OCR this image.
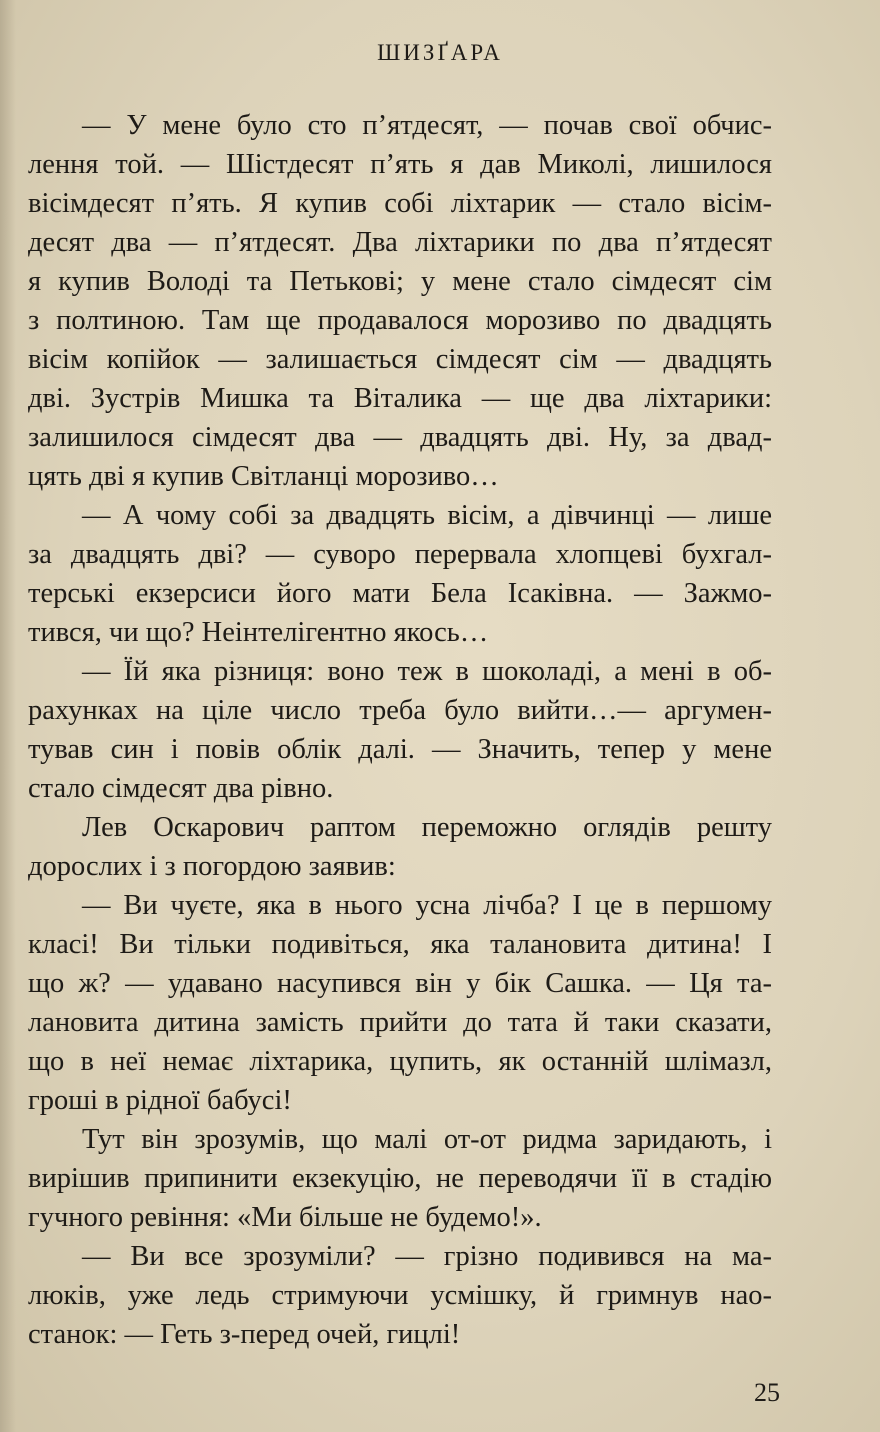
ШИЗҐАРА
— У мене було сто п’ятдесят, — почав свої обчис-
лення той. — Шістдесят п’ять я дав Миколі, лишилося
вісімдесят п’ять. Я купив собі ліхтарик — стало вісім-
десят два — п’ятдесят. Два ліхтарики по два п’ятдесят
я купив Володі та Петькові; у мене стало сімдесят сім
з полтиною. Там ще продавалося морозиво по двадцять
вісім копійок — залишається сімдесят сім — двадцять
дві. Зустрів Мишка та Віталика — ще два ліхтарики:
залишилося сімдесят два — двадцять дві. Ну, за двад-
цять дві я купив Світланці морозиво…
— А чому собі за двадцять вісім, а дівчинці — лише
за двадцять дві? — суворо перервала хлопцеві бухгал-
терські екзерсиси його мати Бела Ісаківна. — Зажмо-
тився, чи що? Неінтелігентно якось…
— Їй яка різниця: воно теж в шоколаді, а мені в об-
рахунках на ціле число треба було вийти…— аргумен-
тував син і повів облік далі. — Значить, тепер у мене
стало сімдесят два рівно.
Лев Оскарович раптом переможно оглядів решту
дорослих і з погордою заявив:
— Ви чуєте, яка в нього усна лічба? І це в першому
класі! Ви тільки подивіться, яка талановита дитина! І
що ж? — удавано насупився він у бік Сашка. — Ця та-
ланoвита дитина замість прийти до тата й таки сказати,
що в неї немає ліхтарика, цупить, як останній шлімазл,
гроші в рідної бабусі!
Тут він зрозумів, що малі от-от ридма заридають, і
вирішив припинити екзекуцію, не переводячи її в стадію
гучного ревіння: «Ми більше не будемо!».
— Ви все зрозуміли? — грізно подивився на ма-
люків, уже ледь стримуючи усмішку, й гримнув нао-
станок: — Геть з-перед очей, гицлі!
25
